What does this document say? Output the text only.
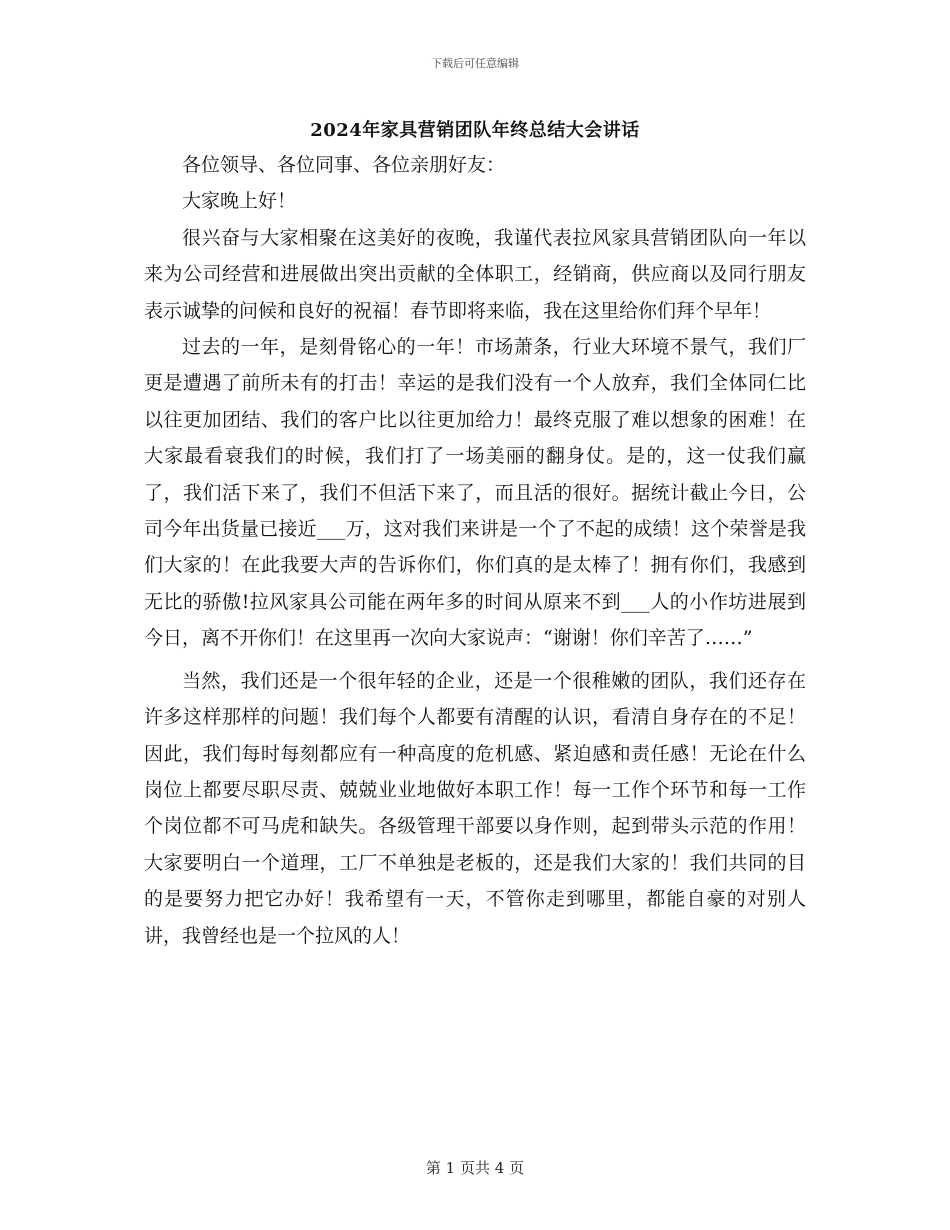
下载后可任意编辑
2024年家具营销团队年终总结大会讲话

各位领导、各位同事、各位亲朋好友：

大家晚上好！

很兴奋与大家相聚在这美好的夜晚，我谨代表拉风家具营销团队向一年以来为公司经营和进展做出突出贡献的全体职工，经销商，供应商以及同行朋友表示诚挚的问候和良好的祝福！春节即将来临，我在这里给你们拜个早年！

过去的一年，是刻骨铭心的一年！市场萧条，行业大环境不景气，我们厂更是遭遇了前所未有的打击！幸运的是我们没有一个人放弃，我们全体同仁比以往更加团结、我们的客户比以往更加给力！最终克服了难以想象的困难！在大家最看衰我们的时候，我们打了一场美丽的翻身仗。是的，这一仗我们赢了，我们活下来了，我们不但活下来了，而且活的很好。据统计截止今日，公司今年出货量已接近___万，这对我们来讲是一个了不起的成绩！这个荣誉是我们大家的！在此我要大声的告诉你们，你们真的是太棒了！拥有你们，我感到无比的骄傲!拉风家具公司能在两年多的时间从原来不到___人的小作坊进展到今日，离不开你们！在这里再一次向大家说声：“谢谢！你们辛苦了……”

当然，我们还是一个很年轻的企业，还是一个很稚嫩的团队，我们还存在许多这样那样的问题！我们每个人都要有清醒的认识，看清自身存在的不足！因此，我们每时每刻都应有一种高度的危机感、紧迫感和责任感！无论在什么岗位上都要尽职尽责、兢兢业业地做好本职工作！每一工作个环节和每一工作个岗位都不可马虎和缺失。各级管理干部要以身作则，起到带头示范的作用！大家要明白一个道理，工厂不单独是老板的，还是我们大家的！我们共同的目的是要努力把它办好！我希望有一天，不管你走到哪里，都能自豪的对别人讲，我曾经也是一个拉风的人！

第 1 页共 4 页
